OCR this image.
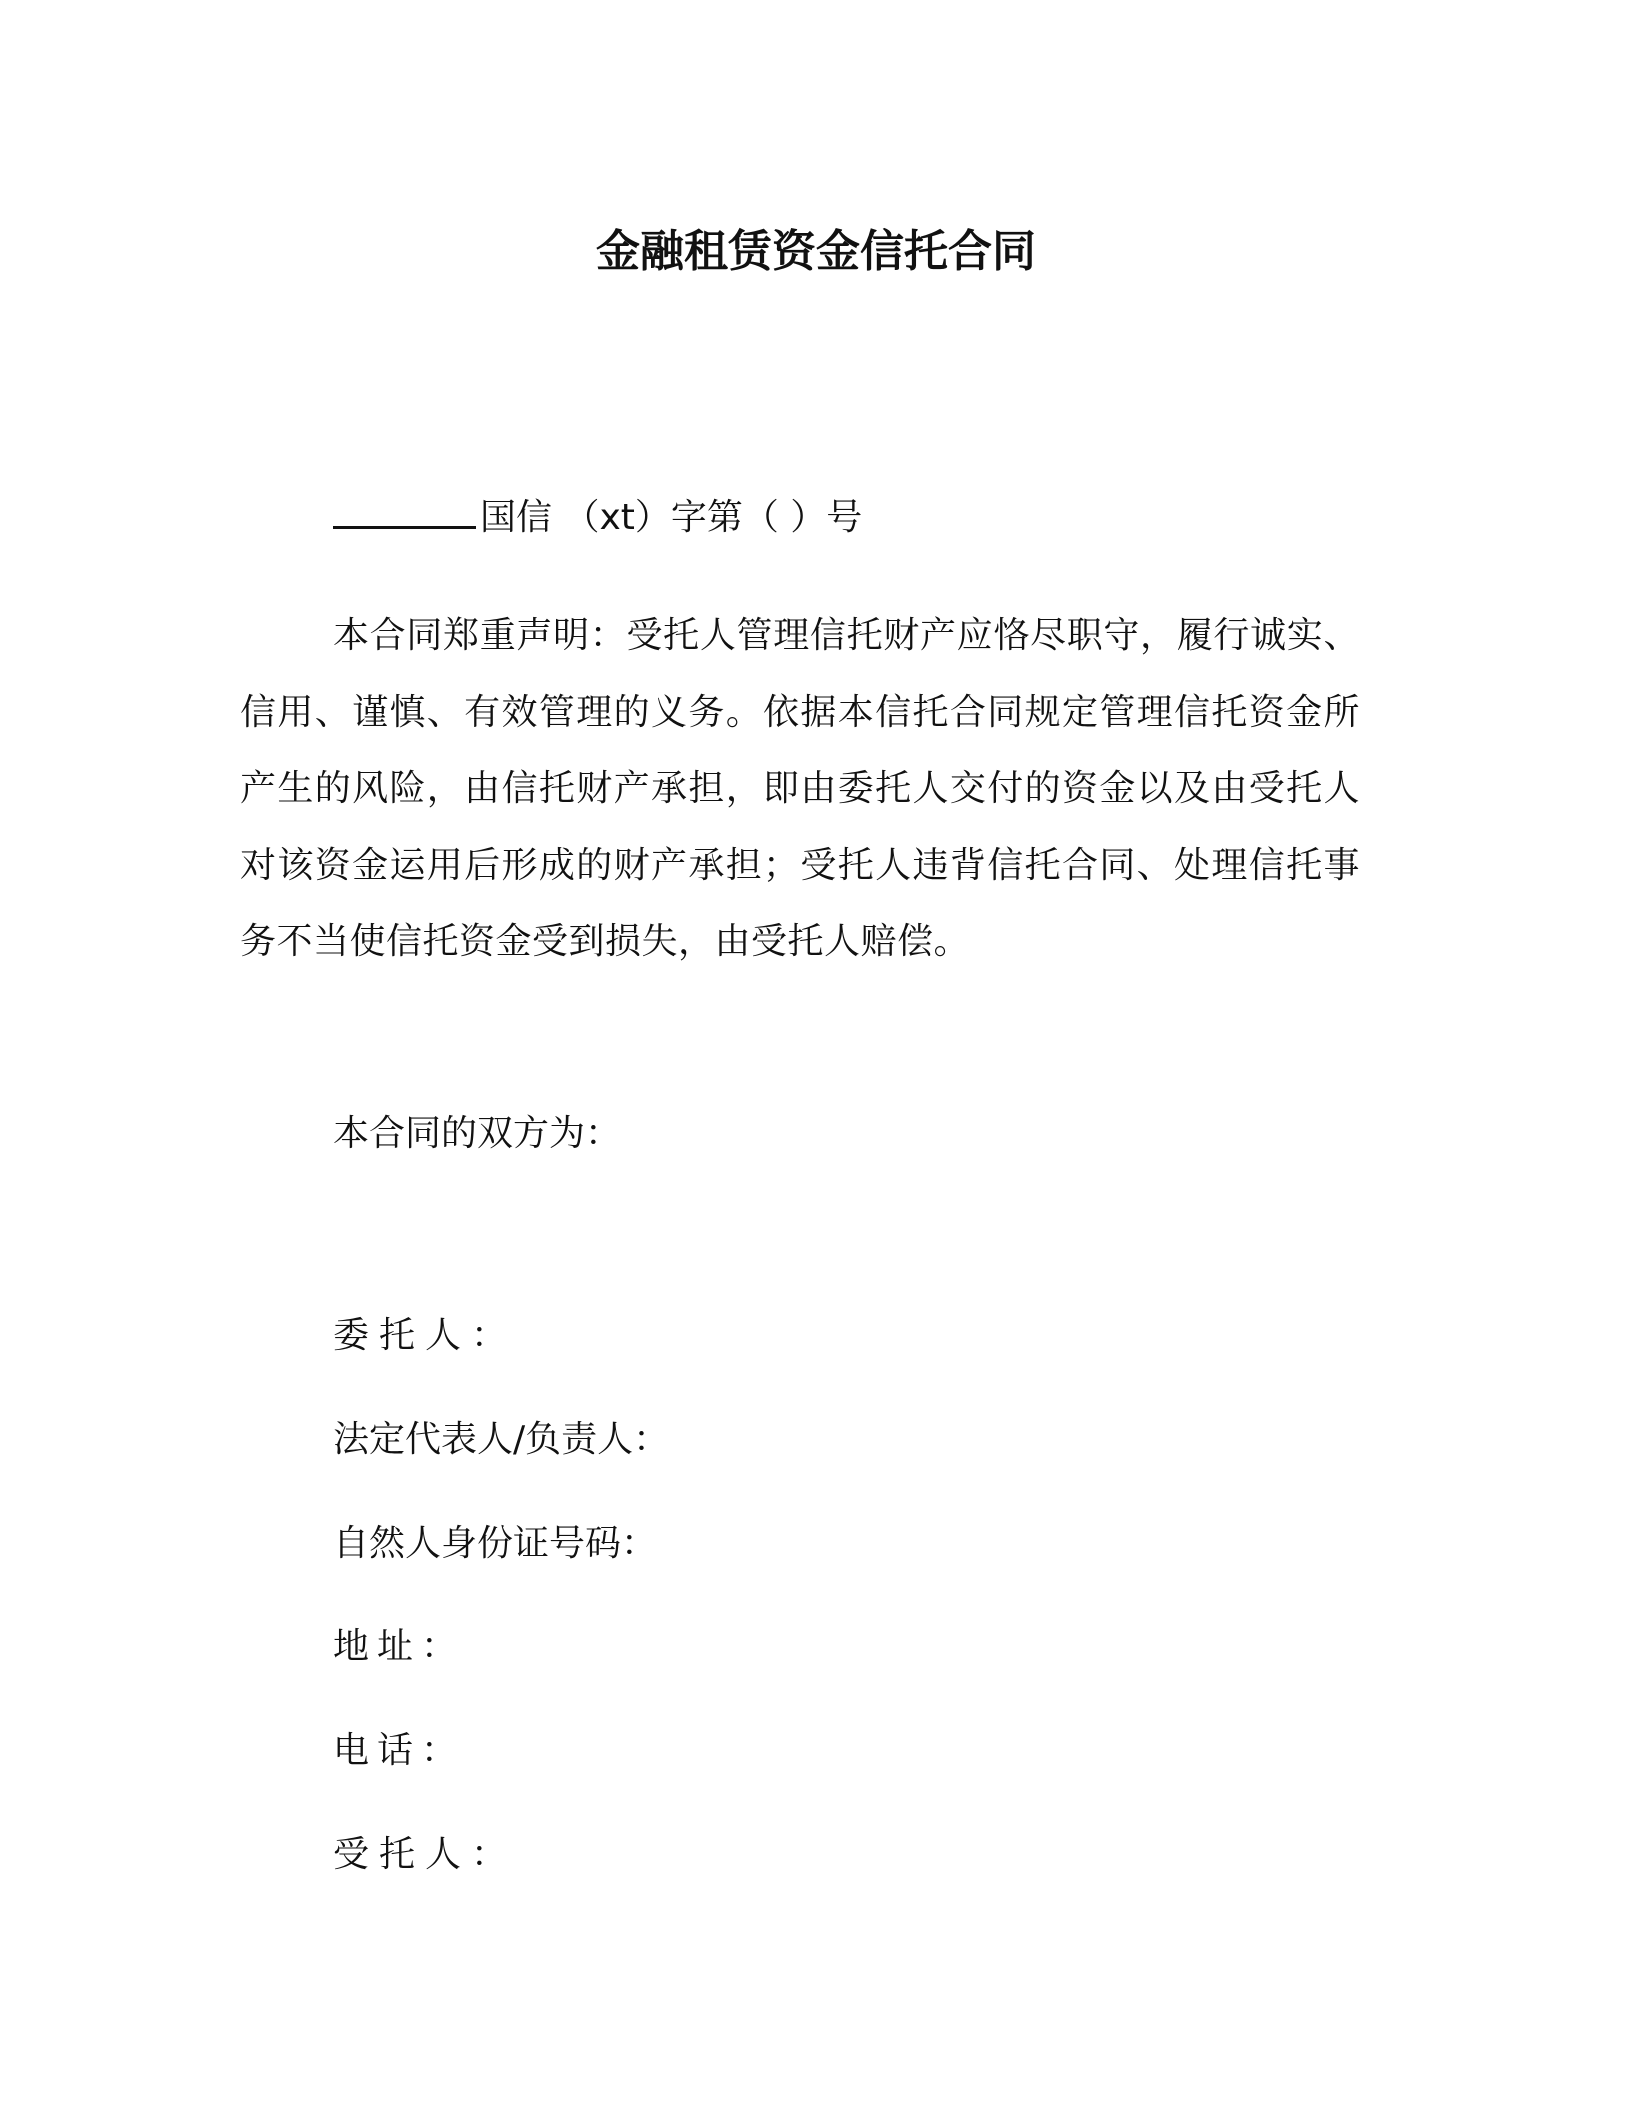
金融租赁资金信托合同
国信 （xt）字第（ ）号
本合同郑重声明：受托人管理信托财产应恪尽职守，履行诚实、信用、谨慎、有效管理的义务。依据本信托合同规定管理信托资金所产生的风险，由信托财产承担，即由委托人交付的资金以及由受托人对该资金运用后形成的财产承担；受托人违背信托合同、处理信托事务不当使信托资金受到损失，由受托人赔偿。
本合同的双方为：
委托人：
法定代表人/负责人：
自然人身份证号码：
地址：
电话：
受托人：
